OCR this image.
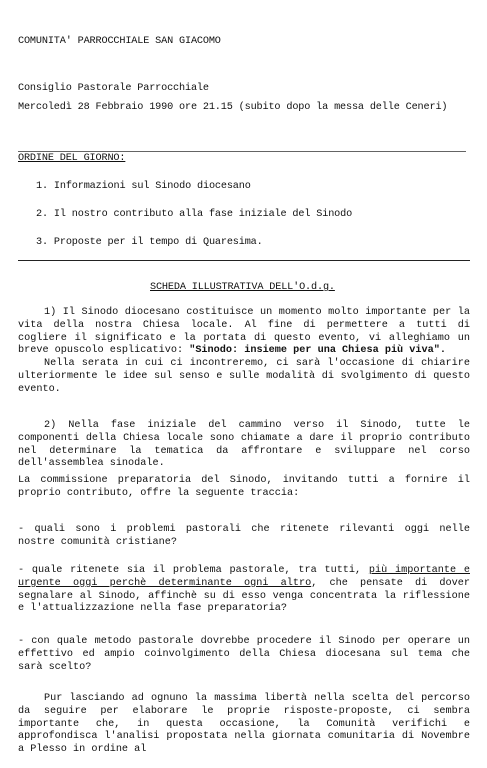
COMUNITA' PARROCCHIALE SAN GIACOMO
Consiglio Pastorale Parrocchiale
Mercoledì 28 Febbraio 1990 ore 21.15 (subito dopo la messa delle Ceneri)
ORDINE DEL GIORNO:
1. Informazioni sul Sinodo diocesano
2. Il nostro contributo alla fase iniziale del Sinodo
3. Proposte per il tempo di Quaresima.
SCHEDA ILLUSTRATIVA DELL'O.d.g.

1) Il Sinodo diocesano costituisce un momento molto importante per la vita della nostra Chiesa locale. Al fine di permettere a tutti di cogliere il significato e la portata di questo evento, vi alleghiamo un breve opuscolo esplicativo: "Sinodo: insieme per una Chiesa più viva".

Nella serata in cui ci incontreremo, ci sarà l'occasione di chiarire ulteriormente le idee sul senso e sulle modalità di svolgimento di questo evento.
2) Nella fase iniziale del cammino verso il Sinodo, tutte le componenti della Chiesa locale sono chiamate a dare il proprio contributo nel determinare la tematica da affrontare e sviluppare nel corso dell'assemblea sinodale.
La commissione preparatoria del Sinodo, invitando tutti a fornire il proprio contributo, offre la seguente traccia:
- quali sono i problemi pastorali che ritenete rilevanti oggi nelle nostre comunità cristiane?
- quale ritenete sia il problema pastorale, tra tutti, più importante e urgente oggi perchè determinante ogni altro, che pensate di dover segnalare al Sinodo, affinchè su di esso venga concentrata la riflessione e l'attualizzazione nella fase preparatoria?
- con quale metodo pastorale dovrebbe procedere il Sinodo per operare un effettivo ed ampio coinvolgimento della Chiesa diocesana sul tema che sarà scelto?
Pur lasciando ad ognuno la massima libertà nella scelta del percorso da seguire per elaborare le proprie risposte-proposte, ci sembra importante che, in questa occasione, la Comunità verifichi e approfondisca l'analisi propostata nella giornata comunitaria di Novembre a Plesso in ordine al
